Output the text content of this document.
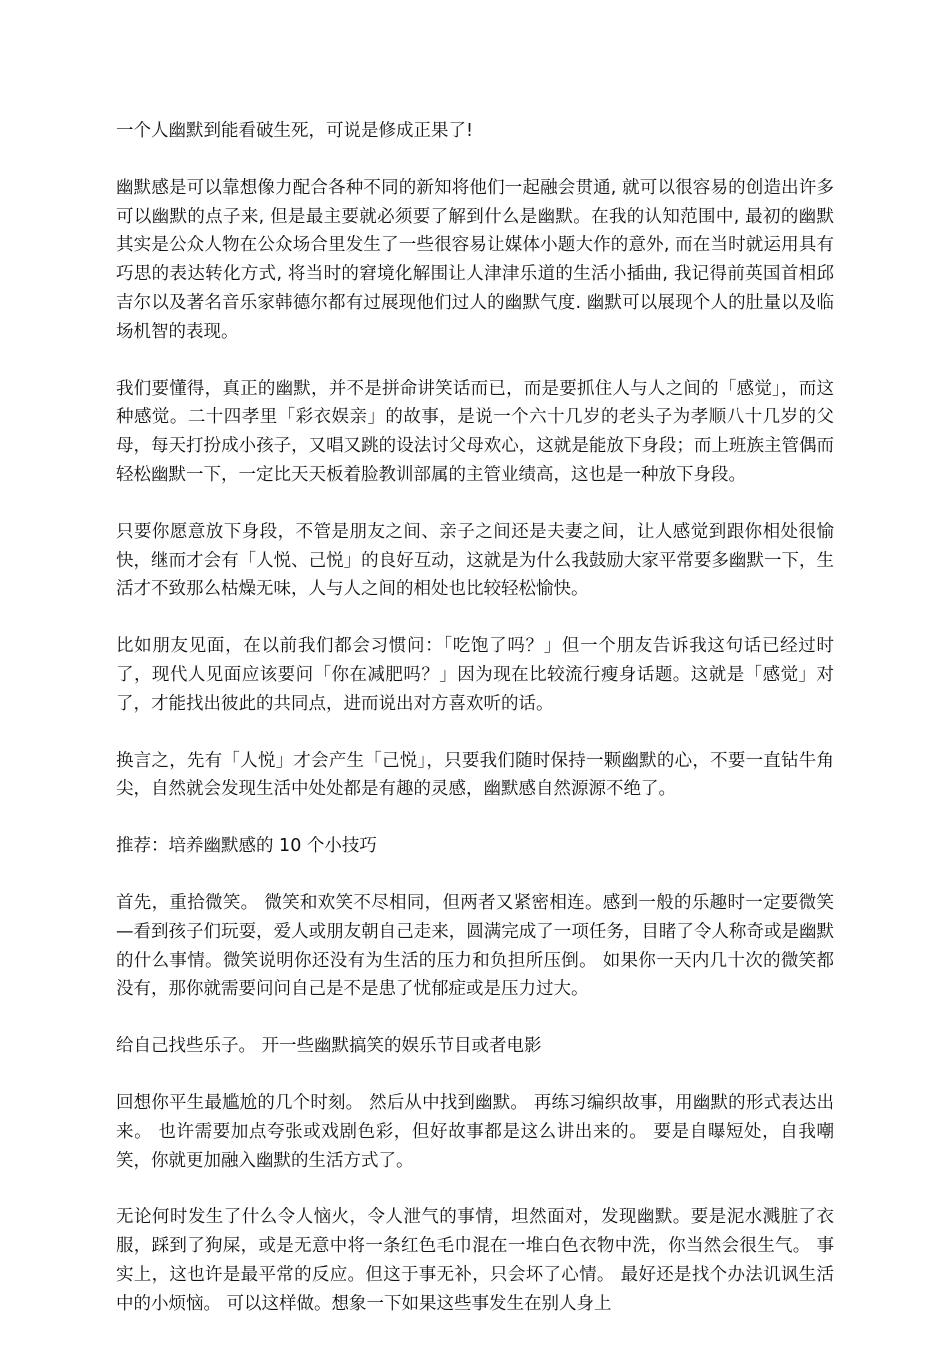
一个人幽默到能看破生死，可说是修成正果了!

幽默感是可以靠想像力配合各种不同的新知将他们一起融会贯通, 就可以很容易的创造出许多可以幽默的点子来, 但是最主要就必须要了解到什么是幽默。在我的认知范围中, 最初的幽默其实是公众人物在公众场合里发生了一些很容易让媒体小题大作的意外, 而在当时就运用具有巧思的表达转化方式, 将当时的窘境化解围让人津津乐道的生活小插曲, 我记得前英国首相邱吉尔以及著名音乐家韩德尔都有过展现他们过人的幽默气度. 幽默可以展现个人的肚量以及临场机智的表现。

我们要懂得，真正的幽默，并不是拼命讲笑话而已，而是要抓住人与人之间的「感觉」，而这种感觉。二十四孝里「彩衣娱亲」的故事，是说一个六十几岁的老头子为孝顺八十几岁的父母，每天打扮成小孩子，又唱又跳的设法讨父母欢心，这就是能放下身段；而上班族主管偶而轻松幽默一下，一定比天天板着脸教训部属的主管业绩高，这也是一种放下身段。

只要你愿意放下身段，不管是朋友之间、亲子之间还是夫妻之间，让人感觉到跟你相处很愉快，继而才会有「人悦、己悦」的良好互动，这就是为什么我鼓励大家平常要多幽默一下，生活才不致那么枯燥无味，人与人之间的相处也比较轻松愉快。

比如朋友见面，在以前我们都会习惯问：「吃饱了吗？」但一个朋友告诉我这句话已经过时了，现代人见面应该要问「你在减肥吗？」因为现在比较流行瘦身话题。这就是「感觉」对了，才能找出彼此的共同点，进而说出对方喜欢听的话。

换言之，先有「人悦」才会产生「己悦」，只要我们随时保持一颗幽默的心，不要一直钻牛角尖，自然就会发现生活中处处都是有趣的灵感，幽默感自然源源不绝了。

推荐：培养幽默感的 10 个小技巧

首先，重拾微笑。 微笑和欢笑不尽相同，但两者又紧密相连。感到一般的乐趣时一定要微笑—看到孩子们玩耍，爱人或朋友朝自己走来，圆满完成了一项任务，目睹了令人称奇或是幽默的什么事情。微笑说明你还没有为生活的压力和负担所压倒。 如果你一天内几十次的微笑都没有，那你就需要问问自己是不是患了忧郁症或是压力过大。

给自己找些乐子。 开一些幽默搞笑的娱乐节目或者电影

回想你平生最尴尬的几个时刻。 然后从中找到幽默。 再练习编织故事，用幽默的形式表达出来。 也许需要加点夸张或戏剧色彩，但好故事都是这么讲出来的。 要是自曝短处，自我嘲笑，你就更加融入幽默的生活方式了。

无论何时发生了什么令人恼火，令人泄气的事情，坦然面对，发现幽默。要是泥水溅脏了衣服，踩到了狗屎，或是无意中将一条红色毛巾混在一堆白色衣物中洗，你当然会很生气。 事实上，这也许是最平常的反应。但这于事无补，只会坏了心情。 最好还是找个办法讥讽生活中的小烦恼。 可以这样做。想象一下如果这些事发生在别人身上
